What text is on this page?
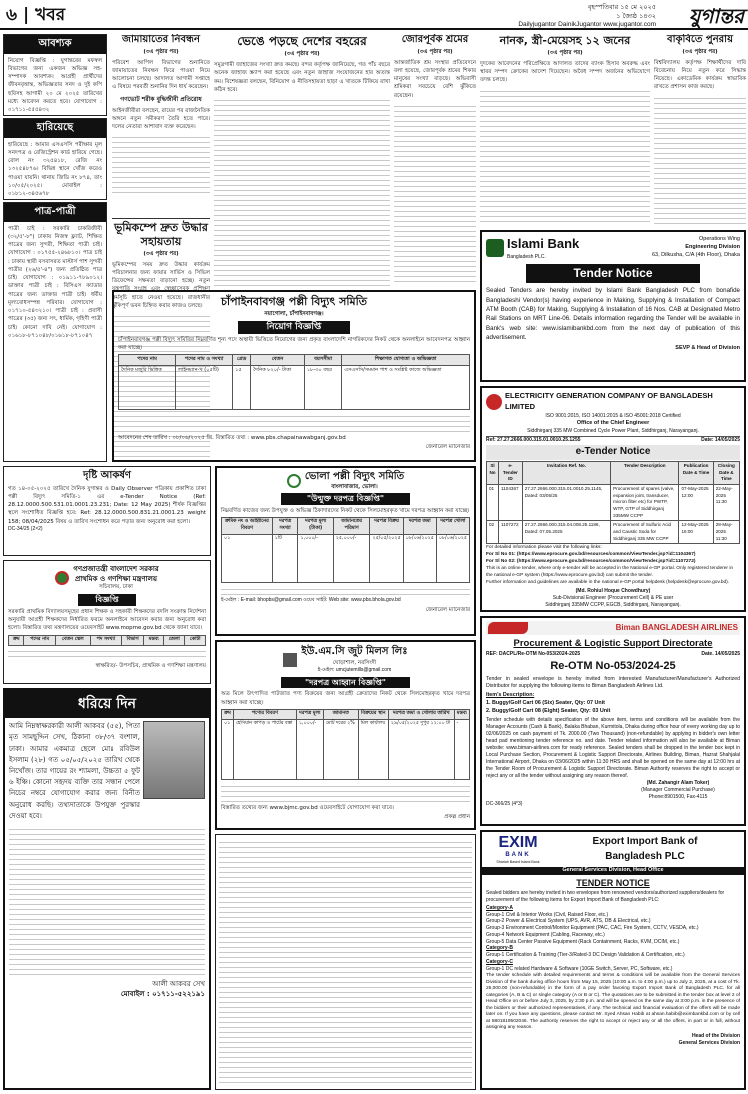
৬ | খবর	বৃহস্পতিবার ১৫ মে ২০২৫
১ জ্যৈষ্ঠ ১৪৩২
Dailyjugantor DainikJugantor www.jugantor.com যুগান্তর
আবশ্যক
নিয়োগ বিজ্ঞপ্তি : যুগান্তরের মফস্বল বিভাগের জন্য একজন অভিজ্ঞ সহ-সম্পাদক আবশ্যক। আগ্রহী প্রার্থীদের জীবনবৃত্তান্ত, অভিজ্ঞতার সনদ ও দুই কপি ছবিসহ আগামী ২০ মে ২০২৫ তারিখের মধ্যে আবেদন করতে হবে। যোগাযোগ : ০১৭১১-৫৫৫৪৩২
হারিয়েছে
হারিয়েছে : আমার এসএসসি পরীক্ষার মূল সনদপত্র ও রেজিস্ট্রেশন কার্ড হারিয়ে গেছে। রোল নং ৩২৫৪১৮, রেজি নং ১৩২৫৪৮৭৬। বিভিন্ন স্থানে খোঁজ করেও পাওয়া যায়নি। থানায় জিডি নং ৮৭৪, তাং ১০/০৫/২০২৫। মোবাইল : ০১৮১২-৩৪৫৬৭৮
পাত্র-পাত্রী
পাত্রী চাই : সরকারি চাকরিজীবী (৩২/৫'-৮") ঢাকায় নিজস্ব ফ্ল্যাট, শিক্ষিত পাত্রের জন্য সুন্দরী, শিক্ষিতা পাত্রী চাই। যোগাযোগ : ০১৭৫৫-২৪৬৮১০। পাত্র চাই : ঢাকায় স্থায়ী বসবাসরত মাস্টার্স পাশ সুন্দরী পাত্রীর (২৬/৫'-৪") জন্য প্রতিষ্ঠিত পাত্র চাই। যোগাযোগ : ০১৯১১-৭৮৯০১২। ডাক্তার পাত্রী চাই : বিসিএস ক্যাডার পাত্রের জন্য ডাক্তার পাত্রী চাই। ধর্মীয় মূল্যবোধসম্পন্ন পরিবার। যোগাযোগ : ০১৭১০-৫৪৩২১০। পাত্রী চাই : প্রবাসী পাত্রের (৩৫) জন্য সৎ, ধার্মিক, গৃহিণী পাত্রী চাই। কোনো দাবি নেই। যোগাযোগ : ০১৬১৮-৮৭১০৪৮/০১৬১৮-৮৭১০৪৭
জামায়াতের নিবন্ধন
(৩এ পৃষ্ঠার পর)
পরিবেশ আপিল বিভাগের শুনানিতে জামায়াতের নিবন্ধন ফিরে পাওয়া নিয়ে আলোচনা চলছে। আদালত আগামী সপ্তাহে এ বিষয়ে পরবর্তী শুনানির দিন ধার্য করেছেন।
গণভোট শরীক বুদ্ধিজীবী প্রতিরোধ
আইনজীবীরা বলছেন, রায়ের পর রাজনৈতিক অঙ্গনে নতুন সমীকরণ তৈরি হতে পারে। দলের নেতারা আশাবাদ ব্যক্ত করেছেন।
ভূমিকম্পে দ্রুত উদ্ধার সহায়তায়
(৩এ পৃষ্ঠার পর)
ভূমিকম্পের সময় দ্রুত উদ্ধার কার্যক্রম পরিচালনার জন্য ফায়ার সার্ভিস ও সিভিল ডিফেন্সের সক্ষমতা বাড়ানো হচ্ছে। নতুন যন্ত্রপাতি সংগ্রহ এবং স্বেচ্ছাসেবক প্রশিক্ষণ কর্মসূচি হাতে নেওয়া হয়েছে। রাজধানীর ঝুঁকিপূর্ণ ভবন চিহ্নিত করার কাজও চলছে।
ভেঙে পড়ছে দেশের বহরের
(৩এ পৃষ্ঠার পর)
সমুদ্রগামী জাহাজের সংখ্যা দ্রুত কমছে। বন্দর কর্তৃপক্ষ জানিয়েছে, গত পাঁচ বছরে অনেক জাহাজ স্ক্র্যাপ করা হয়েছে এবং নতুন জাহাজ সংযোজনের হার অত্যন্ত কম। বিশেষজ্ঞরা বলছেন, বিনিয়োগ ও নীতিসহায়তা ছাড়া এ খাতকে টিকিয়ে রাখা কঠিন হবে।
জোরপূর্বক শ্রমের
(৩এ পৃষ্ঠার পর)
আন্তর্জাতিক শ্রম সংস্থার প্রতিবেদনে বলা হয়েছে, জোরপূর্বক শ্রমের শিকার মানুষের সংখ্যা বাড়ছে। অভিবাসী শ্রমিকরা সবচেয়ে বেশি ঝুঁকিতে রয়েছেন।
নানক, স্ত্রী-মেয়েসহ ১২ জনের
(৩এ পৃষ্ঠার পর)
দুদকের আবেদনের পরিপ্রেক্ষিতে আদালত তাদের ব্যাংক হিসাব অবরুদ্ধ এবং স্থাবর সম্পদ ক্রোকের আদেশ দিয়েছেন। অবৈধ সম্পদ অর্জনের অভিযোগে তদন্ত চলছে।
বাকৃবিতে পুনরায়
(৩এ পৃষ্ঠার পর)
বিশ্ববিদ্যালয় কর্তৃপক্ষ শিক্ষার্থীদের দাবি বিবেচনায় নিয়ে নতুন করে সিদ্ধান্ত নিয়েছে। একাডেমিক কার্যক্রম স্বাভাবিক রাখতে প্রশাসন কাজ করছে।
Islami Bank
Bangladesh PLC.
Operations Wing
Engineering Division
63, Dilkusha, C/A (4th Floor), Dhaka
Tender Notice
Sealed Tenders are hereby invited by Islami Bank Bangladesh PLC from bonafide Bangladeshi Vendor(s) having experience in Making, Supplying & Installation of Compact ATM Booth (CAB) for Making, Supplying & Installation of 16 Nos. CAB at Designated Metro Rail Stations on MRT Line-06. Details information regarding the Tender will be available in Bank's web site: www.islamibankbd.com from the next day of publication of this advertisement.
SEVP & Head of Division
চাঁপাইনবাবগঞ্জ পল্লী বিদ্যুৎ সমিতি
নয়াগোলা, চাঁপাইনবাবগঞ্জ।
নিয়োগ বিজ্ঞপ্তি
চাঁপাইনবাবগঞ্জ পল্লী বিদ্যুৎ সমিতির নিম্নবর্ণিত শূন্য পদে অস্থায়ী ভিত্তিতে নিয়োগের জন্য প্রকৃত বাংলাদেশি নাগরিকদের নিকট থেকে অনলাইনে আবেদনপত্র আহ্বান করা যাচ্ছে।
পদের নাম	পদের নাম ও সংখ্যা	গ্রেড	বেতন	বয়সসীমা	শিক্ষাগত যোগ্যতা ও অভিজ্ঞতা
দৈনিক মজুরি ভিত্তিক	লাইনম্যান-খ (০৫টি)	১৫	দৈনিক ৮২০/- টাকা	১৮-৩০ বছর	এসএসসি/সমমান পাশ ও সংশ্লিষ্ট কাজে অভিজ্ঞতা
আবেদনের শেষ তারিখ : ০৮/০৬/২০২৫ খ্রি. বিস্তারিত তথ্য : www.pbs.chapainawabganj.gov.bd
জেনারেল ম্যানেজার
ELECTRICITY GENERATION COMPANY OF BANGLADESH LIMITED
ISO 9001:2015, ISO 14001:2015 & ISO 45001:2018 Certified
Office of the Chief Engineer
Siddhirganj 335 MW Combined Cycle Power Plant, Siddhirganj, Narayanganj.
Ref: 27.27.2666.000.315.01.0010.25.1255	Date: 14/05/2025
e-Tender Notice
Sl No	e-Tender ID	Invitation Ref. No.	Tender Description	Publication Date & Time	Closing Date & Time
01	1104367	27.27.2666.000.315.01.0010.25.1145, Dated: 03/05/25	Procurement of spares (valve, expansion joint, transducer, micron filter etc) for PWTP, WTP, GTP of Siddhirganj 335MW CCPP	07-May-2025 12:00	22-May-2025 11:30
02	1107272	27.27.2666.000.315.04.008.25.1186, Dated: 07.05.2025	Procurement of Sulfuric Acid and Caustic Soda for Siddhirganj 335 MW CCPP	12-May-2025 16:00	28-May-2025 11:30
For detailed information please visit the following links:
For Sl No 01: (https://www.eprocure.gov.bd/resources/common/ViewTender.jsp?id=1104367)
For Sl No 02: (https://www.eprocure.gov.bd/resources/common/ViewTender.jsp?id=1107272)
This is an online tender, where only e-tender will be accepted in the National e-GP portal. Only registered tenderer in the national e-GP system (https://www.eprocure.gov.bd) can submit the tender.
Further information and guidelines are available in the national e-GP portal helpdesk (helpdesk@eprocure.gov.bd).
(Md. Rohiul Hoque Chowdhury)
Sub-Divisional Engineer (Procurement Cell) & PE user
Siddhirganj 335MW CCPP, EGCB, Siddhirganj, Narayanganj.
দৃষ্টি আকর্ষণ
গত ১৪-০৫-২০২৫ তারিখে দৈনিক যুগান্তর ও Daily Observer পত্রিকায় প্রকাশিত ঢাকা পল্লী বিদ্যুৎ সমিতি-১ এর e-Tender Notice (Ref: 28.12.0000.500.531.01.0001.23.231; Date: 12 May 2025) শীর্ষক বিজ্ঞপ্তির স্থলে সংশোধিত বিজ্ঞপ্তি হবে: Ref: 28.12.0000.500.831.21.0001.23 weight 158; 08/04/2025 বিষয় ও তারিখ সংশোধন করে পড়ার জন্য অনুরোধ করা হলো।
DC-34/25 (2×2)
ভোলা পল্লী বিদ্যুৎ সমিতি
বাংলাবাজার, ভোলা।
"উন্মুক্ত দরপত্র বিজ্ঞপ্তি"
নিম্নবর্ণিত কাজের জন্য উপযুক্ত ও অভিজ্ঞ ঠিকাদারদের নিকট থেকে সিলমোহরকৃত খামে দরপত্র আহ্বান করা যাচ্ছে।
ক্রমিক নং ও আহ্বানের বিবরণ	দরপত্র সংখ্যা	দরপত্র মূল্য (টাকা)	জামানতের পরিমাণ	দরপত্র বিক্রয়	দরপত্র জমা	দরপত্র খোলা
০১	১টি	১,০০০/-	২৫,০০০/-	২৫/০৫/২০২৫	০৮/০৬/২০২৫	০৮/০৬/২০২৫
ই-মেইল : E-mail: bhopbs@gmail.com ওয়েব সাইট: Web site: www.pbs.bhola.gov.bd
জেনারেল ম্যানেজার
গণপ্রজাতন্ত্রী বাংলাদেশ সরকার
প্রাথমিক ও গণশিক্ষা মন্ত্রণালয়
সচিবালয়, ঢাকা
বিজ্ঞপ্তি
সরকারি প্রাথমিক বিদ্যালয়সমূহের প্রধান শিক্ষক ও সহকারী শিক্ষকদের বদলি সংক্রান্ত নির্দেশনা অনুযায়ী আগ্রহী শিক্ষকদের নির্ধারিত ফরমে অনলাইনে আবেদন করার জন্য অনুরোধ করা হলো। বিস্তারিত তথ্য মন্ত্রণালয়ের ওয়েবসাইট www.mopme.gov.bd থেকে জানা যাবে।
ক্রম	পদের নাম	বেতন স্কেল	পদ সংখ্যা	বিভাগ	মন্তব্য	জেলা	কোটা
স্বাক্ষরিত/- উপসচিব, প্রাথমিক ও গণশিক্ষা মন্ত্রণালয়
Biman BANGLADESH AIRLINES
Procurement & Logistic Support Directorate
REF: DACPL/Re-OTM No-053/2024-2025	Date. 14/05/2025
Re-OTM No-053/2024-25
Tender in sealed envelope is hereby invited from interested Manufacturer/Manufacturer's Authorized Distributor for supplying the following items to Biman Bangladesh Airlines Ltd.
Item's Description:
1. Buggy/Golf Cart 06 (Six) Seater, Qty: 07 Unit
2. Buggy/Golf Cart 08 (Eight) Seater, Qty: 03 Unit
Tender schedule with details specification of the above item, terms and conditions will be available from the Manager Accounts (Cash & Bank), Balaka Bhaban, Kurmitola, Dhaka during office hour of every working day up to 02/06/2025 on cash payment of Tk. 2000.00 (Two Thousand) (non-refundable) by applying in bidder's own letter head pad mentioning tender reference no. and date. Tender related information will also be available at Biman website: www.biman-airlines.com for ready reference. Sealed tenders shall be dropped in the tender box kept in Local Purchase Section, Procurement & Logistic Support Directorate, Airlines Building, Biman, Hazrat Shahjalal International Airport, Dhaka on 03/06/2025 within 11:30 HRS and shall be opened on the same day at 12:00 hrs at the Tender Room of Procurement & Logistic Support Directorate. Biman Authority reserves the right to accept or reject any or all the tender without assigning any reason thereof.
(Md. Zahangir Alam Toker)
(Manager Commercial Purchase)
Phone:8901500, Fax-4115
DC-366/25 (4*3)
ইউ.এম.সি জুট মিলস লিঃ
ঘোড়াশাল, নরসিংদী
ই-মেইল: umcjutemills@gmail.com
"দরপত্র আহ্বান বিজ্ঞপ্তি"
অত্র মিলে উৎপাদিত পাটজাত পণ্য বিক্রয়ের জন্য আগ্রহী ক্রেতাদের নিকট থেকে সিলমোহরকৃত খামে দরপত্র আহ্বান করা যাচ্ছে।
ক্রম	পণ্যের বিবরণ	দরপত্র মূল্য	জামানত	বিক্রয়ের স্থান	দরপত্র জমা ও খোলার তারিখ	মন্তব্য
০১	হেসিয়ান কাপড় ও পাটের বস্তা	১,০০০/-	মোট দরের ২%	মিল কার্যালয়	২৯/০৫/২০২৫ দুপুর ১২:০০ টা	-
বিস্তারিত তথ্যের জন্য www.bjmc.gov.bd ওয়েবসাইটে যোগাযোগ করা যাবে।
প্রকল্প প্রধান
ধরিয়ে দিন
আমি নিম্নস্বাক্ষরকারী আলী আকবর (৫৫), পিতা মৃত সামছুদ্দিন সেখ, ঠিকানা ৩৮/৩৭ বংশাল, ঢাকা। আমার একমাত্র ছেলে মোঃ রবিউল ইসলাম (২৮) গত ০৫/০৫/২০২৫ তারিখ থেকে নিখোঁজ। তার গায়ের রং শ্যামলা, উচ্চতা ৫ ফুট ৬ ইঞ্চি। কোনো সহৃদয় ব্যক্তি তার সন্ধান পেলে নিচের নম্বরে যোগাযোগ করার জন্য বিনীত অনুরোধ করছি। তথ্যদাতাকে উপযুক্ত পুরস্কার দেওয়া হবে।
আলী আকবর সেখ
মোবাইল : ০১৭১১-৫২২১৯১
EXIM
BANK
Shariah Based Islami Bank
Export Import Bank of
Bangladesh PLC
General Services Division, Head Office
TENDER NOTICE
Sealed bidders are hereby invited in two envelopes from renowned vendors/authorized suppliers/dealers for procurement of the following items for Export Import Bank of Bangladesh PLC:
Category-A
Group-1 Civil & Interior Works (Civil, Raised Floor, etc.)
Group-2 Power & Electrical System (UPS, AVR, ATS, DB & Electrical, etc.)
Group-3 Environment Control/Monitor Equipment (PAC, CAC, Fire System, CCTV, VESDA, etc.)
Group-4 Network Equipment (Cabling, Raceway, etc.)
Group-5 Data Center Passive Equipment (Rack Containment, Racks, KVM, DCIM, etc.)
Category-B
Group-1 Certification & Training (Tier-3/Rated-3 DC Design Validation & Certification, etc.)
Category-C
Group-1 DC related Hardware & Software (10GE Switch, Server, PC, Software, etc.)
The tender schedule with detailed requirements and terms & conditions will be available from the General Services Division of the bank during office hours from May 15, 2025 (10:00 a.m. to 4:00 p.m.) up to July 2, 2025, at a cost of Tk. 25,000.00 (non-refundable) in the form of a pay order favoring Export Import Bank of Bangladesh PLC. for all categories (A, B & C) or single category (A or B or C). The quotations are to be submitted in the tender box at level 2 of Head Office on or before July 3, 2025, by 2:30 p.m. and will be opened on the same day at 3:00 p.m. in the presence of the bidders or their authorized representatives, if any. The technical and financial evaluation of the offers will be made later on. If you have any questions, please contact Mr. Syed Ahsan Habib at ahsan.habib@eximbankbd.com or by cell at 8801819502046. The authority reserves the right to accept or reject any or all the offers, in part or in full, without assigning any reason.
Head of the Division
General Services Division
